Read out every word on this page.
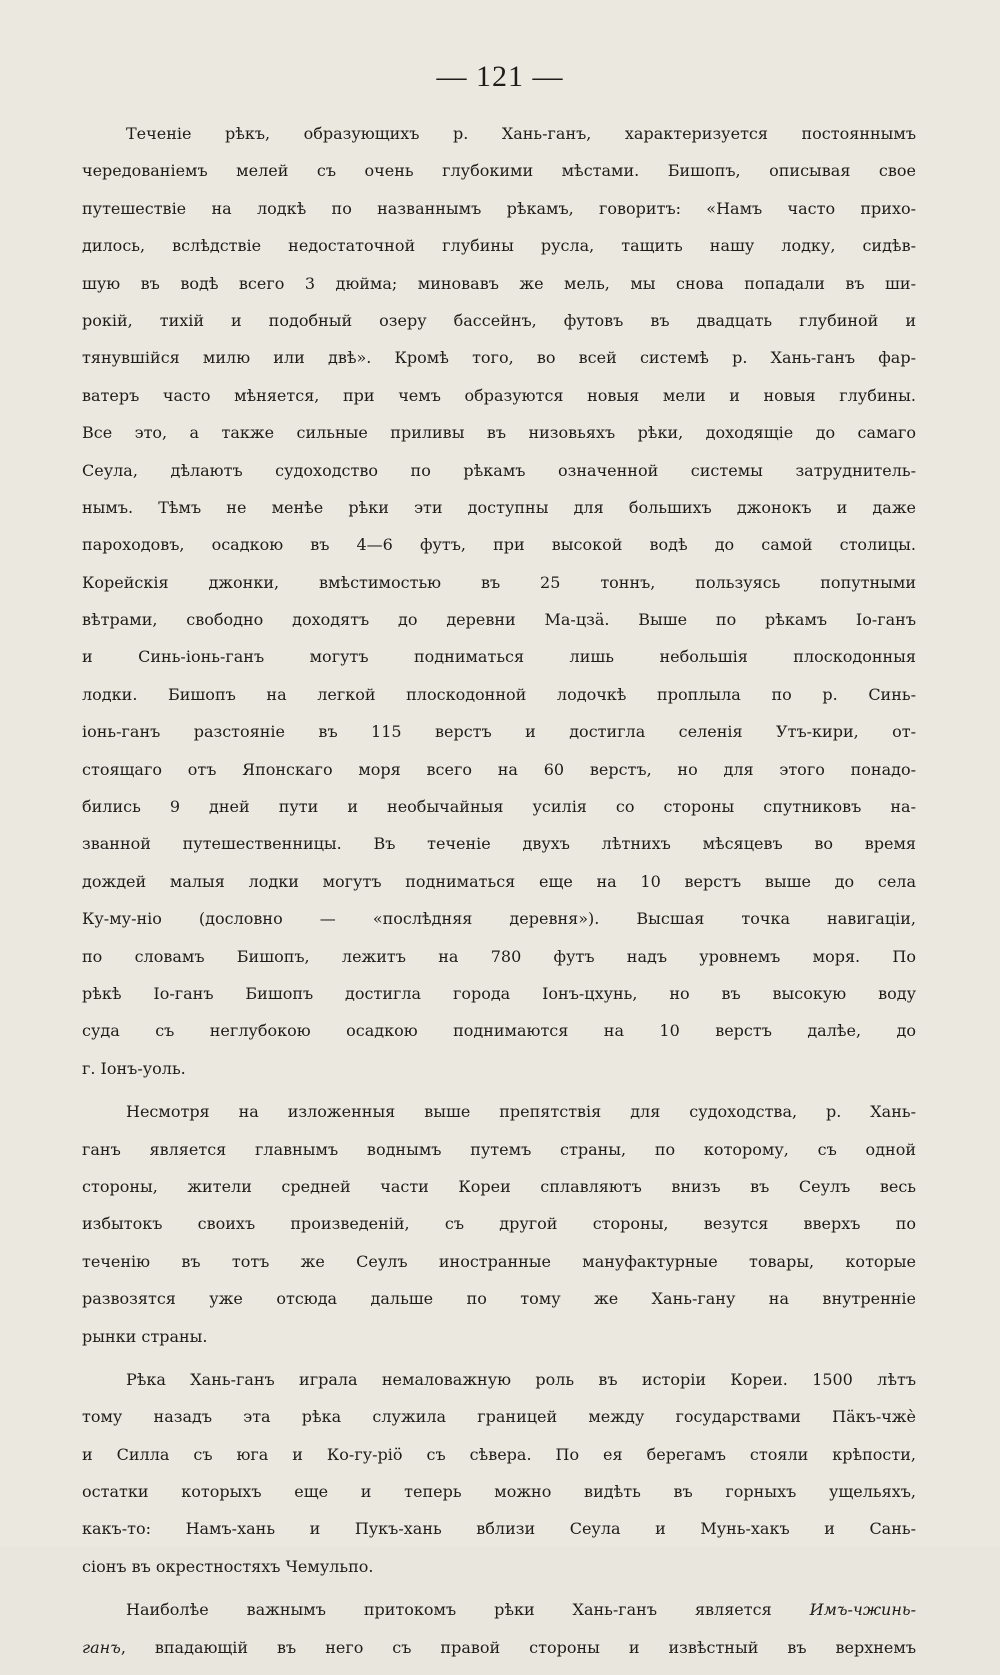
— 121 —
Теченіе рѣкъ, образующихъ р. Хань-ганъ, характеризуется постояннымъ
чередованіемъ мелей съ очень глубокими мѣстами. Бишопъ, описывая свое
путешествіе на лодкѣ по названнымъ рѣкамъ, говоритъ: «Намъ часто прихо-
дилось, вслѣдствіе недостаточной глубины русла, тащить нашу лодку, сидѣв-
шую въ водѣ всего 3 дюйма; миновавъ же мель, мы снова попадали въ ши-
рокій, тихій и подобный озеру бассейнъ, футовъ въ двадцать глубиной и
тянувшійся милю или двѣ». Кромѣ того, во всей системѣ р. Хань-ганъ фар-
ватеръ часто мѣняется, при чемъ образуются новыя мели и новыя глубины.
Все это, а также сильные приливы въ низовьяхъ рѣки, доходящіе до самаго
Сеула, дѣлаютъ судоходство по рѣкамъ означенной системы затруднитель-
нымъ. Тѣмъ не менѣе рѣки эти доступны для большихъ джонокъ и даже
пароходовъ, осадкою въ 4—6 футъ, при высокой водѣ до самой столицы.
Корейскія джонки, вмѣстимостью въ 25 тоннъ, пользуясь попутными
вѣтрами, свободно доходятъ до деревни Ма-цзä. Выше по рѣкамъ Іо-ганъ
и Синь-іонь-ганъ могутъ подниматься лишь небольшія плоскодонныя
лодки. Бишопъ на легкой плоскодонной лодочкѣ проплыла по р. Синь-
іонь-ганъ разстояніе въ 115 верстъ и достигла селенія Утъ-кири, от-
стоящаго отъ Японскаго моря всего на 60 верстъ, но для этого понадо-
бились 9 дней пути и необычайныя усилія со стороны спутниковъ на-
званной путешественницы. Въ теченіе двухъ лѣтнихъ мѣсяцевъ во время
дождей малыя лодки могутъ подниматься еще на 10 верстъ выше до села
Ку-му-ніо (дословно — «послѣдняя деревня»). Высшая точка навигаціи,
по словамъ Бишопъ, лежитъ на 780 футъ надъ уровнемъ моря. По
рѣкѣ Іо-ганъ Бишопъ достигла города Іонъ-цхунь, но въ высокую воду
суда съ неглубокою осадкою поднимаются на 10 верстъ далѣе, до
г. Іонъ-уоль.
Несмотря на изложенныя выше препятствія для судоходства, р. Хань-
ганъ является главнымъ воднымъ путемъ страны, по которому, съ одной
стороны, жители средней части Кореи сплавляютъ внизъ въ Сеулъ весь
избытокъ своихъ произведеній, съ другой стороны, везутся вверхъ по
теченію въ тотъ же Сеулъ иностранные мануфактурные товары, которые
развозятся уже отсюда дальше по тому же Хань-гану на внутренніе
рынки страны.
Рѣка Хань-ганъ играла немаловажную роль въ исторіи Кореи. 1500 лѣтъ
тому назадъ эта рѣка служила границей между государствами Пäкъ-чжѐ
и Силла съ юга и Ко-гу-ріö съ сѣвера. По ея берегамъ стояли крѣпости,
остатки которыхъ еще и теперь можно видѣть въ горныхъ ущельяхъ,
какъ-то: Намъ-хань и Пукъ-хань вблизи Сеула и Мунь-хакъ и Сань-
сіонъ въ окрестностяхъ Чемульпо.
Наиболѣе важнымъ притокомъ рѣки Хань-ганъ является Имъ-чжинь-
ганъ, впадающій въ него съ правой стороны и извѣстный въ верхнемъ
